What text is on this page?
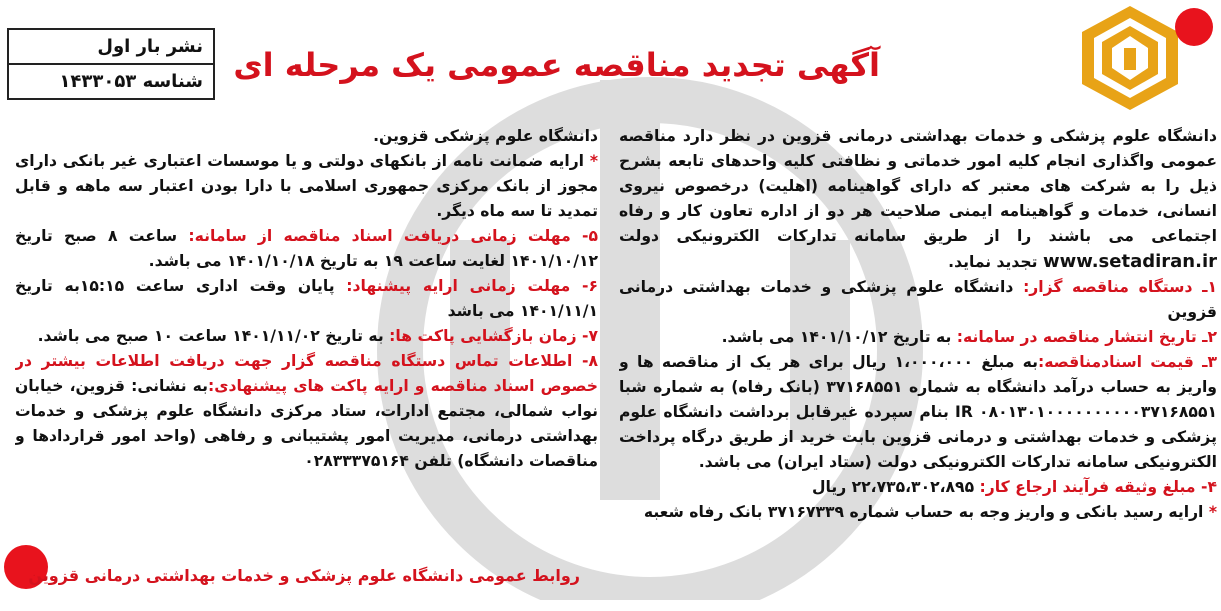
نشر بار اول
شناسه ۱۴۳۳۰۵۳ آگهی تجدید مناقصه عمومی یک مرحله ای

دانشگاه علوم پزشکی و خدمات بهداشتی درمانی قزوین در نظر دارد مناقصه عمومی واگذاری انجام کلیه امور خدماتی و نظافتی کلیه واحدهای تابعه بشرح ذیل را به شرکت های معتبر که دارای گواهینامه (اهلیت) درخصوص نیروی انسانی، خدمات و گواهینامه ایمنی صلاحیت هر دو از اداره تعاون کار و رفاه اجتماعی می باشند را از طریق سامانه تدارکات الکترونیکی دولت www.setadiran.ir تجدید نماید.

۱ـ دستگاه مناقصه گزار: دانشگاه علوم پزشکی و خدمات بهداشتی درمانی قزوین

۲ـ تاریخ انتشار مناقصه در سامانه: به تاریخ ۱۴۰۱/۱۰/۱۲ می باشد.

۳ـ قیمت اسنادمناقصه:به مبلغ ۱،۰۰۰،۰۰۰ ریال برای هر یک از مناقصه ها و واریز به حساب درآمد دانشگاه به شماره ۳۷۱۶۸۵۵۱ (بانک رفاه) به شماره شبا ۰۸۰۱۳۰۱۰۰۰۰۰۰۰۰۰۰۳۷۱۶۸۵۵۱ IR بنام سپرده غیرقابل برداشت دانشگاه علوم پزشکی و خدمات بهداشتی و درمانی قزوین بابت خرید از طریق درگاه پرداخت الکترونیکی سامانه تدارکات الکترونیکی دولت (ستاد ایران) می باشد.

۴- مبلغ وثیقه فرآیند ارجاع کار: ۲۲،۷۳۵،۳۰۲،۸۹۵ ریال

* ارایه رسید بانکی و واریز وجه به حساب شماره ۳۷۱۶۷۳۳۹ بانک رفاه شعبه

دانشگاه علوم پزشکی قزوین.

* ارایه ضمانت نامه از بانکهای دولتی و یا موسسات اعتباری غیر بانکی دارای مجوز از بانک مرکزی جمهوری اسلامی با دارا بودن اعتبار سه ماهه و قابل تمدید تا سه ماه دیگر.

۵- مهلت زمانی دریافت اسناد مناقصه از سامانه: ساعت ۸ صبح تاریخ ۱۴۰۱/۱۰/۱۲ لغایت ساعت ۱۹ به تاریخ ۱۴۰۱/۱۰/۱۸ می باشد.

۶- مهلت زمانی ارایه پیشنهاد: پایان وقت اداری ساعت ۱۵:۱۵به تاریخ ۱۴۰۱/۱۱/۱ می باشد

۷- زمان بازگشایی پاکت ها: به تاریخ ۱۴۰۱/۱۱/۰۲ ساعت ۱۰ صبح می باشد.

۸- اطلاعات تماس دستگاه مناقصه گزار جهت دریافت اطلاعات بیشتر در خصوص اسناد مناقصه و ارایه پاکت های پیشنهادی:به نشانی: قزوین، خیابان نواب شمالی، مجتمع ادارات، ستاد مرکزی دانشگاه علوم پزشکی و خدمات بهداشتی درمانی، مدیریت امور پشتیبانی و رفاهی (واحد امور قراردادها و مناقصات دانشگاه) تلفن ۰۲۸۳۳۳۷۵۱۶۴

روابط عمومی دانشگاه علوم پزشکی و خدمات بهداشتی درمانی قزوین
